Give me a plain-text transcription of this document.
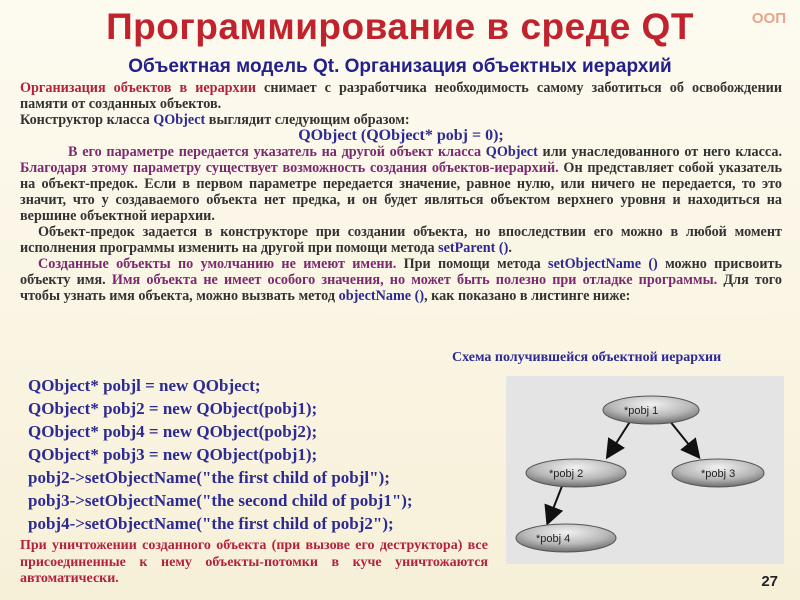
ООП
Программирование в среде QT
Объектная модель Qt. Организация объектных иерархий

Организация объектов в иерархии снимает с разработчика необходимость самому заботиться об освобождении памяти от созданных объектов.

Конструктор класса QObject выглядит следующим образом:

QObject (QObject* pobj = 0);

В его параметре передается указатель на другой объект класса QObject или унаследованного от него класса. Благодаря этому параметру существует возможность создания объектов-иерархий. Он представляет собой указатель на объект-предок. Если в первом параметре передается значение, равное нулю, или ничего не передается, то это значит, что у создаваемого объекта нет предка, и он будет являться объектом верхнего уровня и находиться на вершине объектной иерархии.

Объект-предок задается в конструкторе при создании объекта, но впоследствии его можно в любой момент исполнения программы изменить на другой при помощи метода setParent ().

Созданные объекты по умолчанию не имеют имени. При помощи метода setObjectName () можно присвоить объекту имя. Имя объекта не имеет особого значения, но может быть полезно при отладке программы. Для того чтобы узнать имя объекта, можно вызвать метод objectName (), как показано в листинге ниже:

Схема получившейся объектной иерархии
QObject* pobjl = new QObject;
QObject* pobj2 = new QObject(pobj1);
QObject* pobj4 = new QObject(pobj2);
QObject* pobj3 = new QObject(pobj1);
pobj2->setObjectName("the first child of pobjl");
pobj3->setObjectName("the second child of pobj1");
pobj4->setObjectName("the first child of pobj2");
*pobj 1
*pobj 2	*pobj 3
*pobj 4
При уничтожении созданного объекта (при вызове его деструктора) все присоединенные к нему объекты-потомки в куче уничтожаются автоматически.	27
